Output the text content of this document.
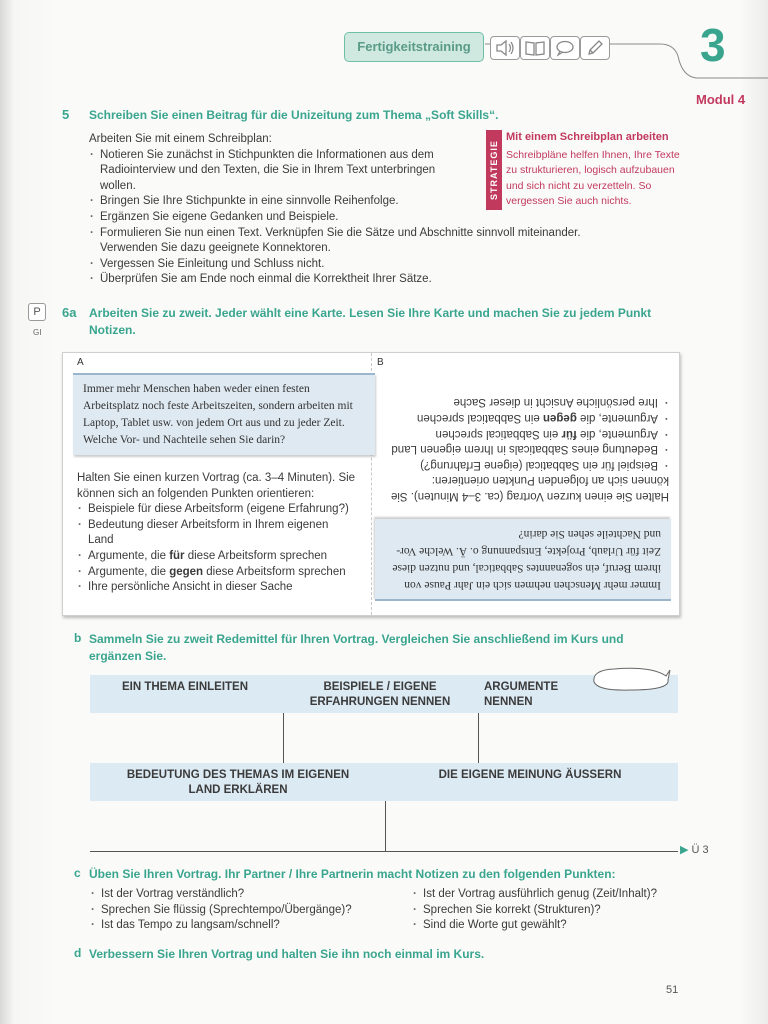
Fertigkeitstraining	3
Modul 4
5 Schreiben Sie einen Beitrag für die Unizeitung zum Thema „Soft Skills“.
Arbeiten Sie mit einem Schreibplan:
· Notieren Sie zunächst in Stichpunkten die Informationen aus dem Radiointerview und den Texten, die Sie in Ihrem Text unterbringen wollen.
· Bringen Sie Ihre Stichpunkte in eine sinnvolle Reihenfolge.
· Ergänzen Sie eigene Gedanken und Beispiele.
· Formulieren Sie nun einen Text. Verknüpfen Sie die Sätze und Abschnitte sinnvoll miteinander. Verwenden Sie dazu geeignete Konnektoren.
· Vergessen Sie Einleitung und Schluss nicht.
· Überprüfen Sie am Ende noch einmal die Korrektheit Ihrer Sätze.
STRATEGIE
Mit einem Schreibplan arbeiten
Schreibpläne helfen Ihnen, Ihre Texte zu strukturieren, logisch aufzubauen und sich nicht zu verzetteln. So vergessen Sie auch nichts.
P
GI
6a Arbeiten Sie zu zweit. Jeder wählt eine Karte. Lesen Sie Ihre Karte und machen Sie zu jedem Punkt Notizen.
A
Immer mehr Menschen haben weder einen festen Arbeitsplatz noch feste Arbeitszeiten, sondern arbeiten mit Laptop, Tablet usw. von jedem Ort aus und zu jeder Zeit. Welche Vor- und Nachteile sehen Sie darin?
Halten Sie einen kurzen Vortrag (ca. 3–4 Minuten). Sie können sich an folgenden Punkten orientieren:
· Beispiele für diese Arbeitsform (eigene Erfahrung?)
· Bedeutung dieser Arbeitsform in Ihrem eigenen Land
· Argumente, die für diese Arbeitsform sprechen
· Argumente, die gegen diese Arbeitsform sprechen
· Ihre persönliche Ansicht in dieser Sache
B
Immer mehr Menschen nehmen sich ein Jahr Pause von ihrem Beruf, ein sogenanntes Sabbatical, und nutzen diese Zeit für Urlaub, Projekte, Entspannung o. Ä. Welche Vor- und Nachteile sehen Sie darin?
Halten Sie einen kurzen Vortrag (ca. 3–4 Minuten). Sie können sich an folgenden Punkten orientieren:
· Beispiel für ein Sabbatical (eigene Erfahrung?)
· Bedeutung eines Sabbaticals in Ihrem eigenen Land
· Argumente, die für ein Sabbatical sprechen
· Argumente, die gegen ein Sabbatical sprechen
· Ihre persönliche Ansicht in dieser Sache
b Sammeln Sie zu zweit Redemittel für Ihren Vortrag. Vergleichen Sie anschließend im Kurs und ergänzen Sie.
EIN THEMA EINLEITEN	BEISPIELE / EIGENE ERFAHRUNGEN NENNEN
ARGUMENTE NENNEN
BEDEUTUNG DES THEMAS IM EIGENEN LAND ERKLÄREN
DIE EIGENE MEINUNG ÄUSSERN
▶ Ü 3
c Üben Sie Ihren Vortrag. Ihr Partner / Ihre Partnerin macht Notizen zu den folgenden Punkten:
· Ist der Vortrag verständlich?
· Sprechen Sie flüssig (Sprechtempo/Übergänge)?
· Ist das Tempo zu langsam/schnell?
· Ist der Vortrag ausführlich genug (Zeit/Inhalt)?
· Sprechen Sie korrekt (Strukturen)?
· Sind die Worte gut gewählt?
d Verbessern Sie Ihren Vortrag und halten Sie ihn noch einmal im Kurs.
51
